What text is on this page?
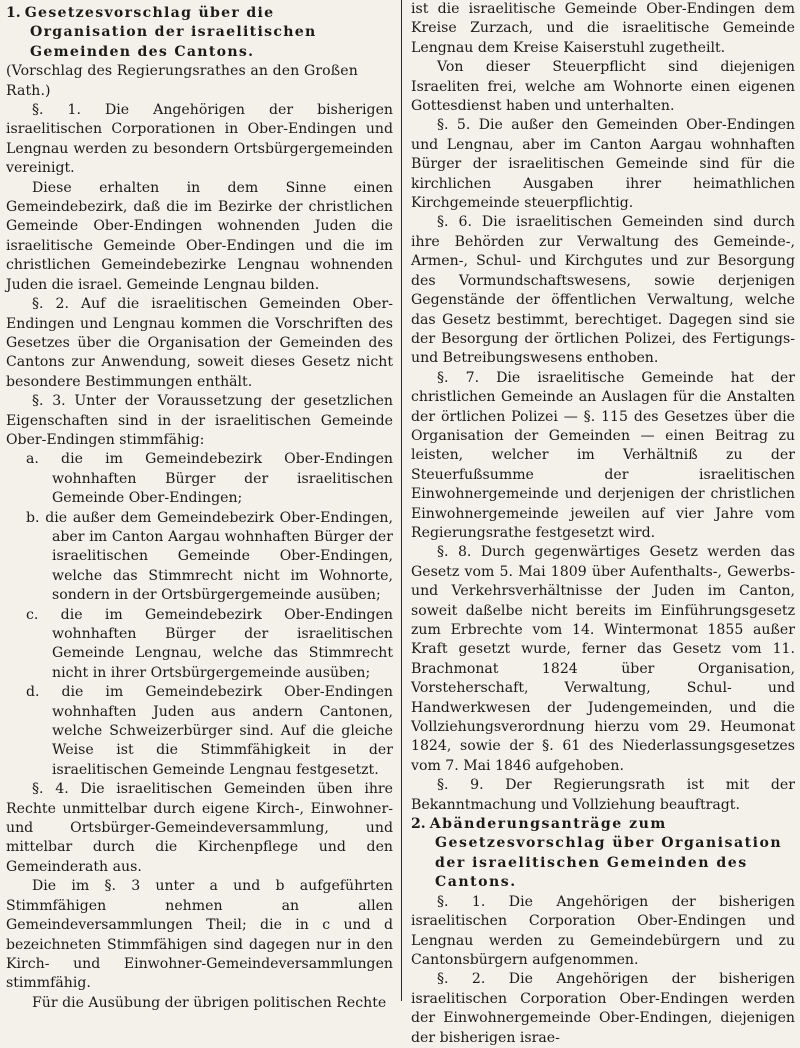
1. Gesetzesvorschlag über die Organisation der israelitischen Gemeinden des Cantons.

(Vorschlag des Regierungsrathes an den Großen Rath.)

§. 1. Die Angehörigen der bisherigen israelitischen Corporationen in Ober-Endingen und Lengnau werden zu besondern Ortsbürgergemeinden vereinigt.

Diese erhalten in dem Sinne einen Gemeindebezirk, daß die im Bezirke der christlichen Gemeinde Ober-Endingen wohnenden Juden die israelitische Gemeinde Ober-Endingen und die im christlichen Gemeindebezirke Lengnau wohnenden Juden die israel. Gemeinde Lengnau bilden.

§. 2. Auf die israelitischen Gemeinden Ober-Endingen und Lengnau kommen die Vorschriften des Gesetzes über die Organisation der Gemeinden des Cantons zur Anwendung, soweit dieses Gesetz nicht besondere Bestimmungen enthält.

§. 3. Unter der Voraussetzung der gesetzlichen Eigenschaften sind in der israelitischen Gemeinde Ober-Endingen stimmfähig:

a. die im Gemeindebezirk Ober-Endingen wohnhaften Bürger der israelitischen Gemeinde Ober-Endingen;

b. die außer dem Gemeindebezirk Ober-Endingen, aber im Canton Aargau wohnhaften Bürger der israelitischen Gemeinde Ober-Endingen, welche das Stimmrecht nicht im Wohnorte, sondern in der Ortsbürgergemeinde ausüben;

c. die im Gemeindebezirk Ober-Endingen wohnhaften Bürger der israelitischen Gemeinde Lengnau, welche das Stimmrecht nicht in ihrer Ortsbürgergemeinde ausüben;

d. die im Gemeindebezirk Ober-Endingen wohnhaften Juden aus andern Cantonen, welche Schweizerbürger sind. Auf die gleiche Weise ist die Stimmfähigkeit in der israelitischen Gemeinde Lengnau festgesetzt.

§. 4. Die israelitischen Gemeinden üben ihre Rechte unmittelbar durch eigene Kirch-, Einwohner- und Ortsbürger-Gemeindeversammlung, und mittelbar durch die Kirchenpflege und den Gemeinderath aus.

Die im §. 3 unter a und b aufgeführten Stimmfähigen nehmen an allen Gemeindeversammlungen Theil; die in c und d bezeichneten Stimmfähigen sind dagegen nur in den Kirch- und Einwohner-Gemeindeversammlungen stimmfähig.

Für die Ausübung der übrigen politischen Rechte

ist die israelitische Gemeinde Ober-Endingen dem Kreise Zurzach, und die israelitische Gemeinde Lengnau dem Kreise Kaiserstuhl zugetheilt.

Von dieser Steuerpflicht sind diejenigen Israeliten frei, welche am Wohnorte einen eigenen Gottesdienst haben und unterhalten.

§. 5. Die außer den Gemeinden Ober-Endingen und Lengnau, aber im Canton Aargau wohnhaften Bürger der israelitischen Gemeinde sind für die kirchlichen Ausgaben ihrer heimathlichen Kirchgemeinde steuerpflichtig.

§. 6. Die israelitischen Gemeinden sind durch ihre Behörden zur Verwaltung des Gemeinde-, Armen-, Schul- und Kirchgutes und zur Besorgung des Vormundschaftswesens, sowie derjenigen Gegenstände der öffentlichen Verwaltung, welche das Gesetz bestimmt, berechtiget. Dagegen sind sie der Besorgung der örtlichen Polizei, des Fertigungs- und Betreibungswesens enthoben.

§. 7. Die israelitische Gemeinde hat der christlichen Gemeinde an Auslagen für die Anstalten der örtlichen Polizei — §. 115 des Gesetzes über die Organisation der Gemeinden — einen Beitrag zu leisten, welcher im Verhältniß zu der Steuerfußsumme der israelitischen Einwohnergemeinde und derjenigen der christlichen Einwohnergemeinde jeweilen auf vier Jahre vom Regierungsrathe festgesetzt wird.

§. 8. Durch gegenwärtiges Gesetz werden das Gesetz vom 5. Mai 1809 über Aufenthalts-, Gewerbs- und Verkehrsverhältnisse der Juden im Canton, soweit daßelbe nicht bereits im Einführungsgesetz zum Erbrechte vom 14. Wintermonat 1855 außer Kraft gesetzt wurde, ferner das Gesetz vom 11. Brachmonat 1824 über Organisation, Vorsteherschaft, Verwaltung, Schul- und Handwerkwesen der Judengemeinden, und die Vollziehungsverordnung hierzu vom 29. Heumonat 1824, sowie der §. 61 des Niederlassungsgesetzes vom 7. Mai 1846 aufgehoben.

§. 9. Der Regierungsrath ist mit der Bekanntmachung und Vollziehung beauftragt.

2. Abänderungsanträge zum Gesetzesvorschlag über Organisation der israelitischen Gemeinden des Cantons.

§. 1. Die Angehörigen der bisherigen israelitischen Corporation Ober-Endingen und Lengnau werden zu Gemeindebürgern und zu Cantonsbürgern aufgenommen.

§. 2. Die Angehörigen der bisherigen israelitischen Corporation Ober-Endingen werden der Einwohnergemeinde Ober-Endingen, diejenigen der bisherigen israe-
